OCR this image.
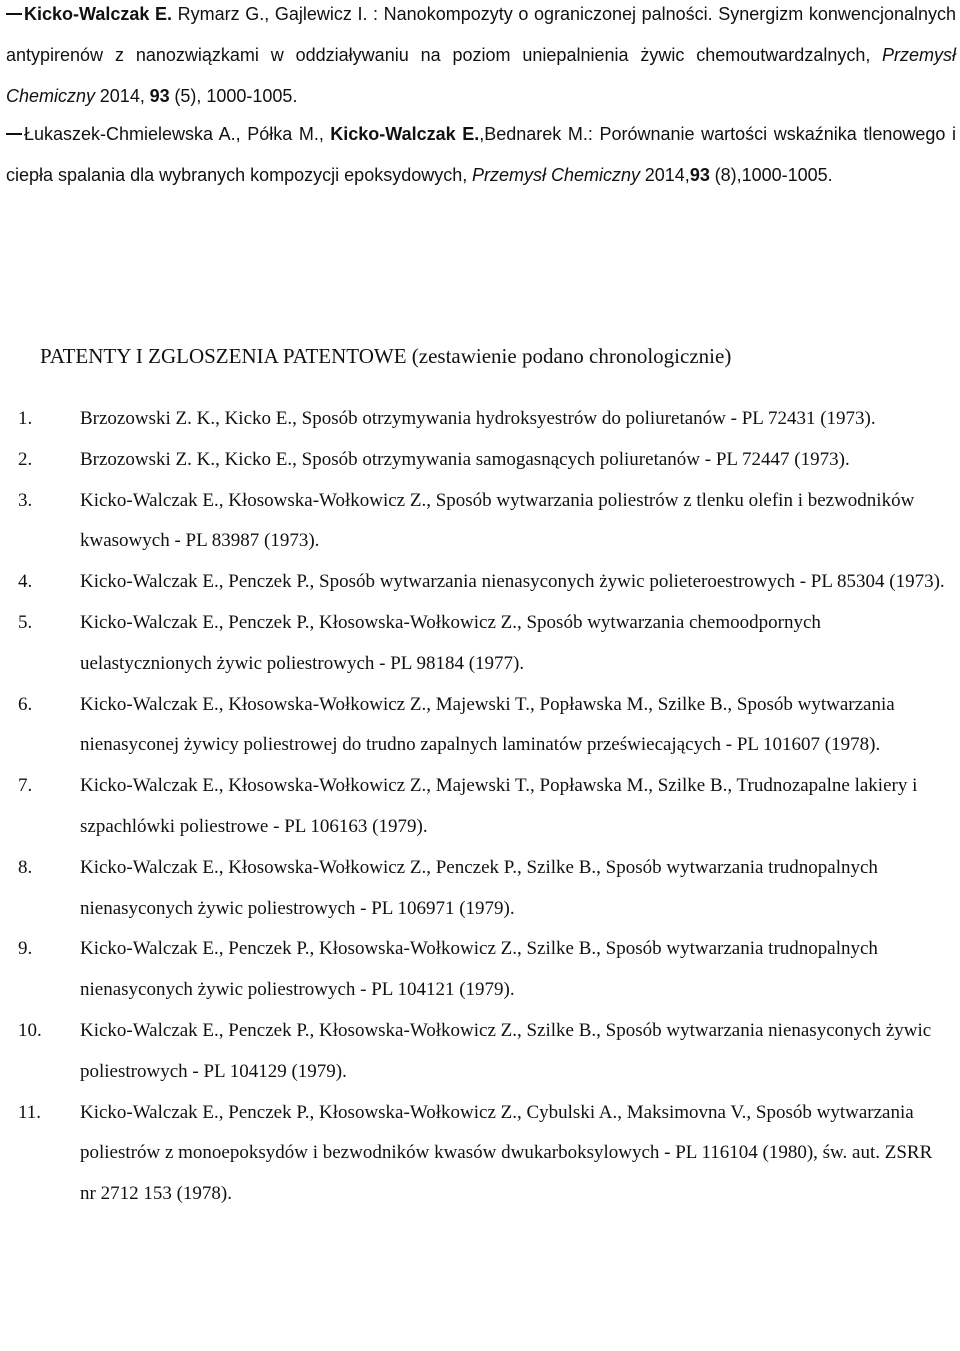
Kicko-Walczak E. Rymarz G., Gajlewicz I. : Nanokompozyty o ograniczonej palności. Synergizm konwencjonalnych antypirenów z nanozwiązkami w oddziaływaniu na poziom uniepalnienia żywic chemoutwardzalnych, Przemysł Chemiczny 2014, 93 (5), 1000-1005.

Łukaszek-Chmielewska A., Półka M., Kicko-Walczak E.,Bednarek M.: Porównanie wartości wskaźnika tlenowego i ciepła spalania dla wybranych kompozycji epoksydowych, Przemysł Chemiczny 2014,93 (8),1000-1005.

PATENTY I ZGLOSZENIA PATENTOWE (zestawienie podano chronologicznie)
1.	Brzozowski Z. K., Kicko E., Sposób otrzymywania hydroksyestrów do poliuretanów - PL 72431 (1973).
2.	Brzozowski Z. K., Kicko E., Sposób otrzymywania samogasnących poliuretanów - PL 72447 (1973).
3.	Kicko-Walczak E., Kłosowska-Wołkowicz Z., Sposób wytwarzania poliestrów z tlenku olefin i bezwodników kwasowych - PL 83987 (1973).
4.	Kicko-Walczak E., Penczek P., Sposób wytwarzania nienasyconych żywic polieteroestrowych - PL 85304 (1973).
5.	Kicko-Walczak E., Penczek P., Kłosowska-Wołkowicz Z., Sposób wytwarzania chemoodpornych uelastycznionych żywic poliestrowych - PL 98184 (1977).
6.	Kicko-Walczak E., Kłosowska-Wołkowicz Z., Majewski T., Popławska M., Szilke B., Sposób wytwarzania nienasyconej żywicy poliestrowej do trudno zapalnych laminatów przeświecających - PL 101607 (1978).
7.	Kicko-Walczak E., Kłosowska-Wołkowicz Z., Majewski T., Popławska M., Szilke B., Trudnozapalne lakiery i szpachlówki poliestrowe - PL 106163 (1979).
8.	Kicko-Walczak E., Kłosowska-Wołkowicz Z., Penczek P., Szilke B., Sposób wytwarzania trudnopalnych nienasyconych żywic poliestrowych - PL 106971 (1979).
9.	Kicko-Walczak E., Penczek P., Kłosowska-Wołkowicz Z., Szilke B., Sposób wytwarzania trudnopalnych nienasyconych żywic poliestrowych - PL 104121 (1979).
10. Kicko-Walczak E., Penczek P., Kłosowska-Wołkowicz Z., Szilke B., Sposób wytwarzania nienasyconych żywic poliestrowych - PL 104129 (1979).
11. Kicko-Walczak E., Penczek P., Kłosowska-Wołkowicz Z., Cybulski A., Maksimovna V., Sposób wytwarzania poliestrów z monoepoksydów i bezwodników kwasów dwukarboksylowych - PL 116104 (1980), św. aut. ZSRR nr 2712 153 (1978).
